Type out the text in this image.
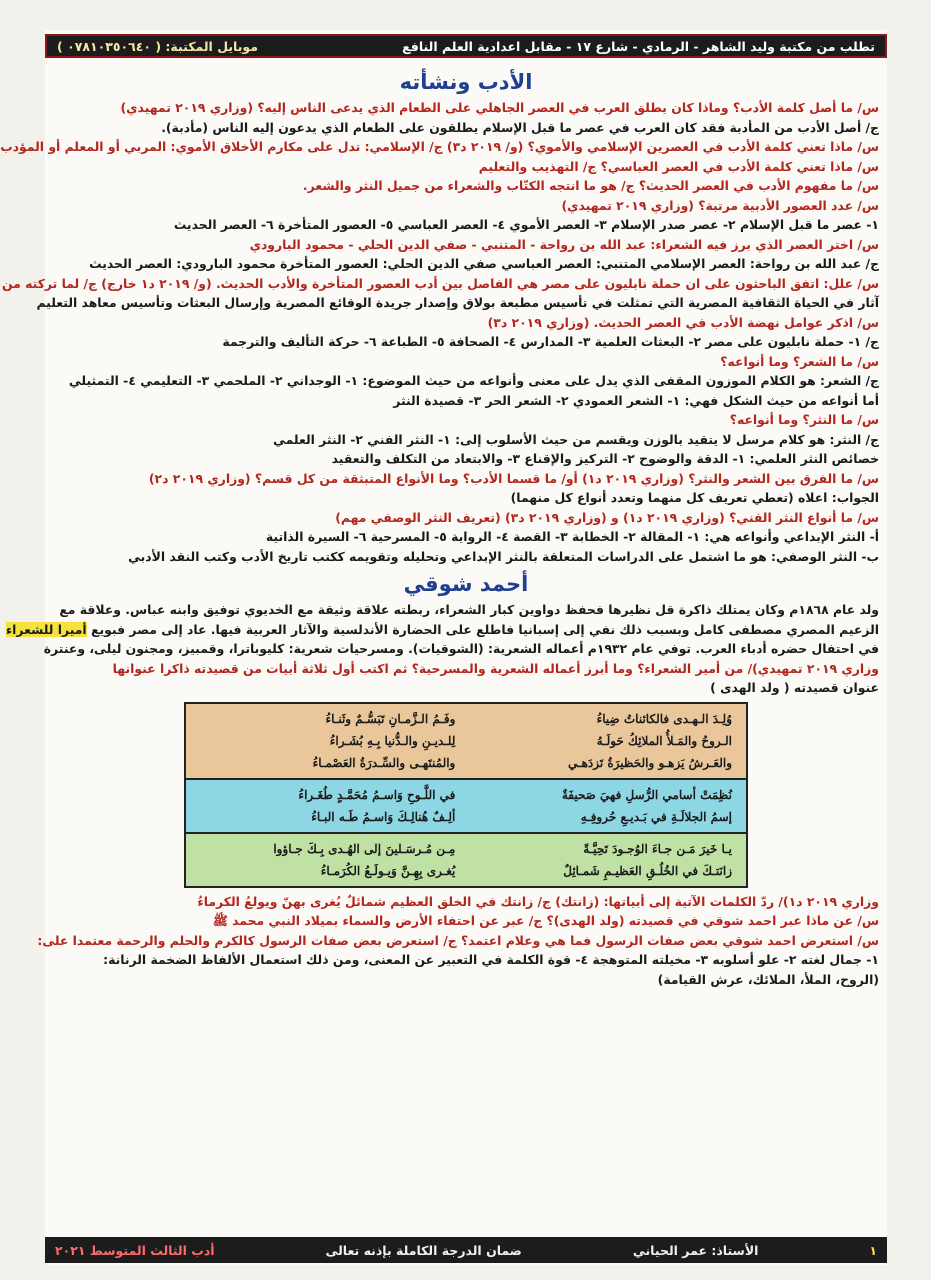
تطلب من مكتبة وليد الشاهر - الرمادي - شارع ١٧ - مقابل اعدادية العلم النافع
موبايل المكتبة: ( ٠٧٨١٠٣٥٠٦٤٠ )
الأدب ونشأته
س/ ما أصل كلمة الأدب؟ وماذا كان يطلق العرب في العصر الجاهلي على الطعام الذي يدعى الناس إليه؟ (وزاري ٢٠١٩ تمهيدي)
ج/ أصل الأدب من المأدبة فقد كان العرب في عصر ما قبل الإسلام يطلقون على الطعام الذي يدعون إليه الناس (مأدبة).
س/ ماذا تعني كلمة الأدب في العصرين الإسلامي والأموي؟ (و/ ٢٠١٩ د٣) ج/ الإسلامي: تدل على مكارم الأخلاق الأموي: المربي أو المعلم أو المؤدب
س/ ماذا تعني كلمة الأدب في العصر العباسي؟ ج/ التهذيب والتعليم
س/ ما مفهوم الأدب في العصر الحديث؟ ج/ هو ما انتجه الكتّاب والشعراء من جميل النثر والشعر.
س/ عدد العصور الأدبية مرتبة؟ (وزاري ٢٠١٩ تمهيدي)
١- عصر ما قبل الإسلام ٢- عصر صدر الإسلام ٣- العصر الأموي ٤- العصر العباسي ٥- العصور المتأخرة ٦- العصر الحديث
س/ اختر العصر الذي برز فيه الشعراء: عبد الله بن رواحة - المتنبي - صفي الدين الحلي - محمود البارودي
ج/ عبد الله بن رواحة: العصر الإسلامي المتنبي: العصر العباسي صفي الدين الحلي: العصور المتأخرة محمود البارودي: العصر الحديث
س/ علل: اتفق الباحثون على ان حملة نابليون على مصر هي الفاصل بين أدب العصور المتأخرة والأدب الحديث. (و/ ٢٠١٩ د١ خارج) ج/ لما تركته من
آثار في الحياة الثقافية المصرية التي تمثلت في تأسيس مطبعة بولاق وإصدار جريدة الوقائع المصرية وإرسال البعثات وتأسيس معاهد التعليم
س/ اذكر عوامل نهضة الأدب في العصر الحديث. (وزاري ٢٠١٩ د٣)
ج/ ١- حملة نابليون على مصر ٢- البعثات العلمية ٣- المدارس ٤- الصحافة ٥- الطباعة ٦- حركة التأليف والترجمة
س/ ما الشعر؟ وما أنواعه؟
ج/ الشعر: هو الكلام الموزون المقفى الذي يدل على معنى وأنواعه من حيث الموضوع: ١- الوجداني ٢- الملحمي ٣- التعليمي ٤- التمثيلي
أما أنواعه من حيث الشكل فهي: ١- الشعر العمودي ٢- الشعر الحر ٣- قصيدة النثر
س/ ما النثر؟ وما أنواعه؟
ج/ النثر: هو كلام مرسل لا يتقيد بالوزن ويقسم من حيث الأسلوب إلى: ١- النثر الفني ٢- النثر العلمي
خصائص النثر العلمي: ١- الدقة والوضوح ٢- التركيز والإقناع ٣- والابتعاد من التكلف والتعقيد
س/ ما الفرق بين الشعر والنثر؟ (وزاري ٢٠١٩ د١) أو/ ما قسما الأدب؟ وما الأنواع المتبثقة من كل قسم؟ (وزاري ٢٠١٩ د٢)
الجواب: اعلاه (تعطي تعريف كل منهما وتعدد أنواع كل منهما)
س/ ما أنواع النثر الفني؟ (وزاري ٢٠١٩ د١) و (وزاري ٢٠١٩ د٣) (تعريف النثر الوصفي مهم)
أ- النثر الإبداعي وأنواعه هي: ١- المقالة ٢- الخطابة ٣- القصة ٤- الرواية ٥- المسرحية ٦- السيرة الذاتية
ب- النثر الوصفي: هو ما اشتمل على الدراسات المتعلقة بالنثر الإبداعي وتحليله وتقويمه ككتب تاريخ الأدب وكتب النقد الأدبي
أحمد شوقي
ولد عام ١٨٦٨م وكان يمتلك ذاكرة قل نظيرها فحفظ دواوين كبار الشعراء، ربطته علاقة وثيقة مع الخديوي توفيق وابنه عباس. وعلاقة مع
الزعيم المصري مصطفى كامل وبسبب ذلك نفي إلى إسبانيا فاطلع على الحضارة الأندلسية والآثار العربية فيها. عاد إلى مصر فبويع أميرا للشعراء
في احتفال حضره أدباء العرب. توفي عام ١٩٣٢م أعماله الشعرية: (الشوقيات). ومسرحيات شعرية: كليوباترا، وقمبيز، ومجنون ليلى، وعنترة
وزاري ٢٠١٩ تمهيدي)/ من أمير الشعراء؟ وما أبرز أعماله الشعرية والمسرحية؟ ثم اكتب أول ثلاثة أبيات من قصيدته ذاكرا عنوانها
عنوان قصيدته ( ولد الهدى )
وُلِـدَ الـهـدى فالكائناتُ ضِياءُ
الـروحُ والمَـلأُ الملائِكُ حَولَـهُ
والعَـرشُ يَزهـو والحَظيرَةُ تَزدَهـي
وفَـمُ الـزَّمـانِ تَبَسُّـمٌ وثَنـاءُ
لِلـديـنِ والـدُّنيا بِـهِ بُشَـراءُ
والمُنتَهـى والسِّـدرَةُ العَصْمـاءُ
نُظِمَتْ أسامي الرُّسلِ فهيَ صَحيفَةٌ
إسمُ الجلالَـةِ في بَـديـعِ حُروفِـهِ
في اللَّـوحِ وَاسـمُ مُحَمَّـدٍ طُغَـراءُ
ألِـفٌ هُنالِـكَ وَاسـمُ طَـه البـاءُ
يـا خَيرَ مَـن جـاءَ الوُجـودَ تَحِيَّـةً
زانَتـكَ في الخُلُـقِ العَظيـمِ شَمـائِلٌ
مِـن مُـرسَـلينَ إلى الهُـدى بِـكَ جـاؤوا
يُغـرى بِهِـنَّ وَيـولَـعُ الكُرَمـاءُ
وزاري ٢٠١٩ د١)/ ردّ الكلمات الآتية إلى أبياتها: (زانتك) ج/ زانتك في الخلق العظيم شمائلٌ يُغرى بهنّ ويولعُ الكرماءُ
س/ عن ماذا عبر احمد شوقي في قصيدته (ولد الهدى)؟ ج/ عبر عن احتفاء الأرض والسماء بميلاد النبي محمد ﷺ
س/ استعرض احمد شوقي بعض صفات الرسول فما هي وعلام اعتمد؟ ج/ استعرض بعض صفات الرسول كالكرم والحلم والرحمة معتمدا على:
١- جمال لغته ٢- علو أسلوبه ٣- مخيلته المتوهجة ٤- قوة الكلمة في التعبير عن المعنى، ومن ذلك استعمال الألفاظ الضخمة الرنانة:
(الروح، الملأ، الملائك، عرش القيامة)
١
الأستاذ: عمر الحياني
ضمان الدرجة الكاملة بإذنه تعالى
أدب الثالث المتوسط ٢٠٢١
